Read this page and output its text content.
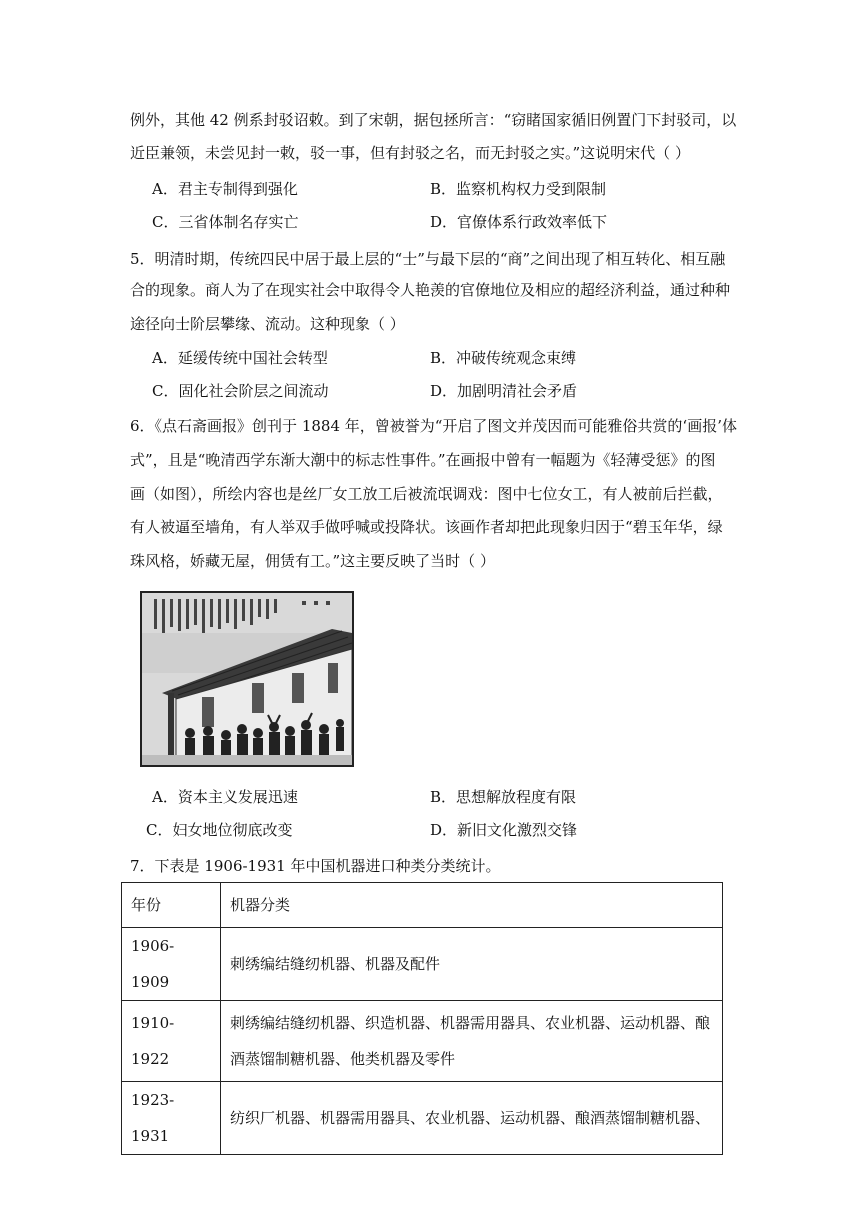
例外，其他 42 例系封驳诏敕。到了宋朝，据包拯所言：“窃睹国家循旧例置门下封驳司，以
近臣兼领，未尝见封一敕，驳一事，但有封驳之名，而无封驳之实。”这说明宋代（ ）
A．君主专制得到强化	B．监察机构权力受到限制
C．三省体制名存实亡	D．官僚体系行政效率低下
5．明清时期，传统四民中居于最上层的“士”与最下层的“商”之间出现了相互转化、相互融
合的现象。商人为了在现实社会中取得令人艳羡的官僚地位及相应的超经济利益，通过种种
途径向士阶层攀缘、流动。这种现象（ ）
A．延缓传统中国社会转型	B．冲破传统观念束缚
C．固化社会阶层之间流动	D．加剧明清社会矛盾
6．《点石斋画报》创刊于 1884 年，曾被誉为“开启了图文并茂因而可能雅俗共赏的‘画报’体
式”，且是“晚清西学东渐大潮中的标志性事件。”在画报中曾有一幅题为《轻薄受惩》的图
画（如图），所绘内容也是丝厂女工放工后被流氓调戏：图中七位女工，有人被前后拦截，
有人被逼至墙角，有人举双手做呼喊或投降状。该画作者却把此现象归因于“碧玉年华，绿
珠风格，娇藏无屋，佣赁有工。”这主要反映了当时（ ）
A．资本主义发展迅速	B．思想解放程度有限
C．妇女地位彻底改变	D．新旧文化激烈交锋
7．下表是 1906-1931 年中国机器进口种类分类统计。
年份	机器分类
1906-1909	刺绣编结缝纫机器、机器及配件
1910-1922	刺绣编结缝纫机器、织造机器、机器需用器具、农业机器、运动机器、酿酒蒸馏制糖机器、他类机器及零件
1923-1931	纺织厂机器、机器需用器具、农业机器、运动机器、酿酒蒸馏制糖机器、
